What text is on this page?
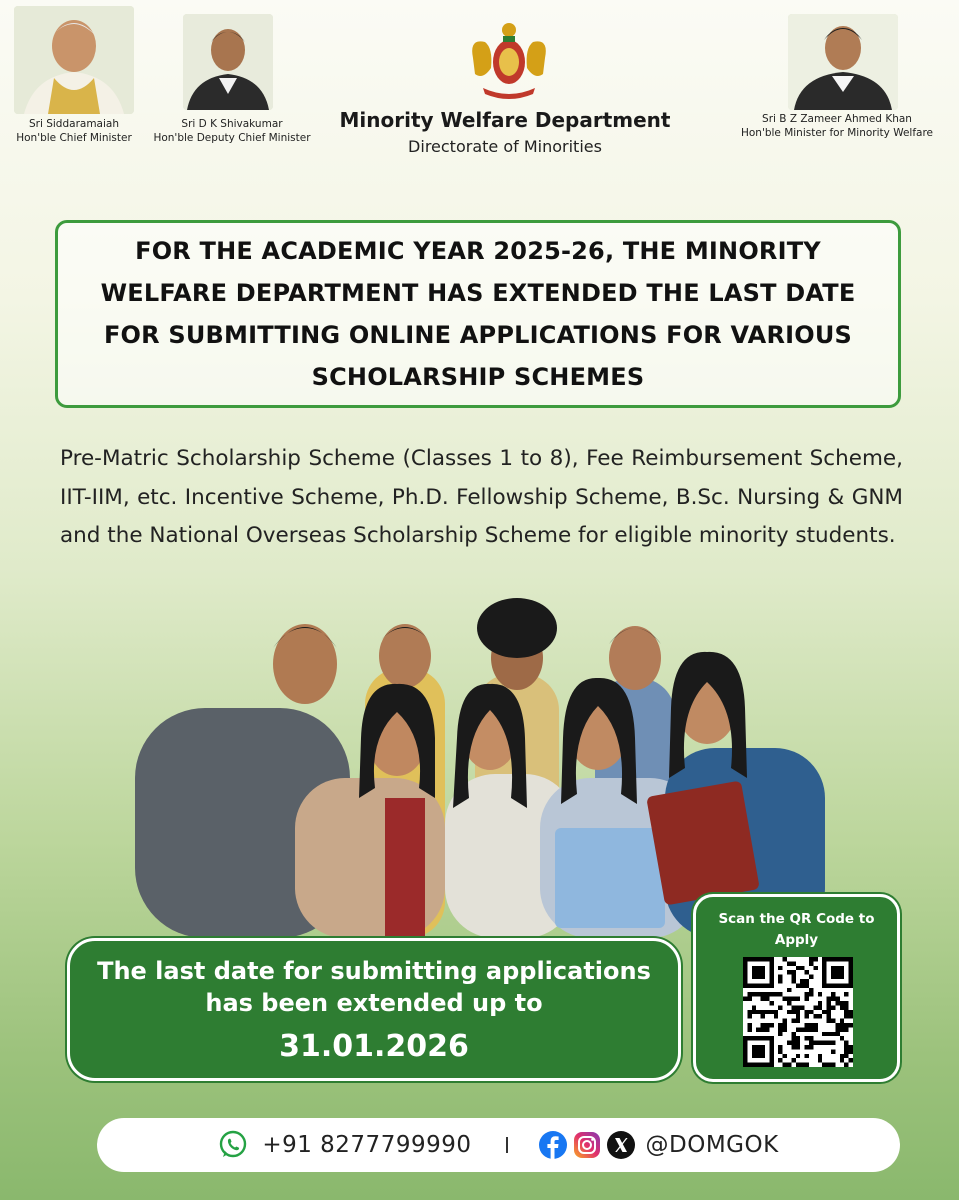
Sri Siddaramaiah
Hon'ble Chief Minister
Sri D K Shivakumar
Hon'ble Deputy Chief Minister
Minority Welfare Department
Directorate of Minorities
Sri B Z Zameer Ahmed Khan
Hon'ble Minister for Minority Welfare
FOR THE ACADEMIC YEAR 2025-26, THE MINORITY WELFARE DEPARTMENT HAS EXTENDED THE LAST DATE FOR SUBMITTING ONLINE APPLICATIONS FOR VARIOUS SCHOLARSHIP SCHEMES
Pre-Matric Scholarship Scheme (Classes 1 to 8), Fee Reimbursement Scheme, IIT-IIM, etc. Incentive Scheme, Ph.D. Fellowship Scheme, B.Sc. Nursing & GNM and the National Overseas Scholarship Scheme for eligible minority students.
The last date for submitting applications
has been extended up to
31.01.2026
Scan the QR Code to Apply
+91 8277799990	@DOMGOK
